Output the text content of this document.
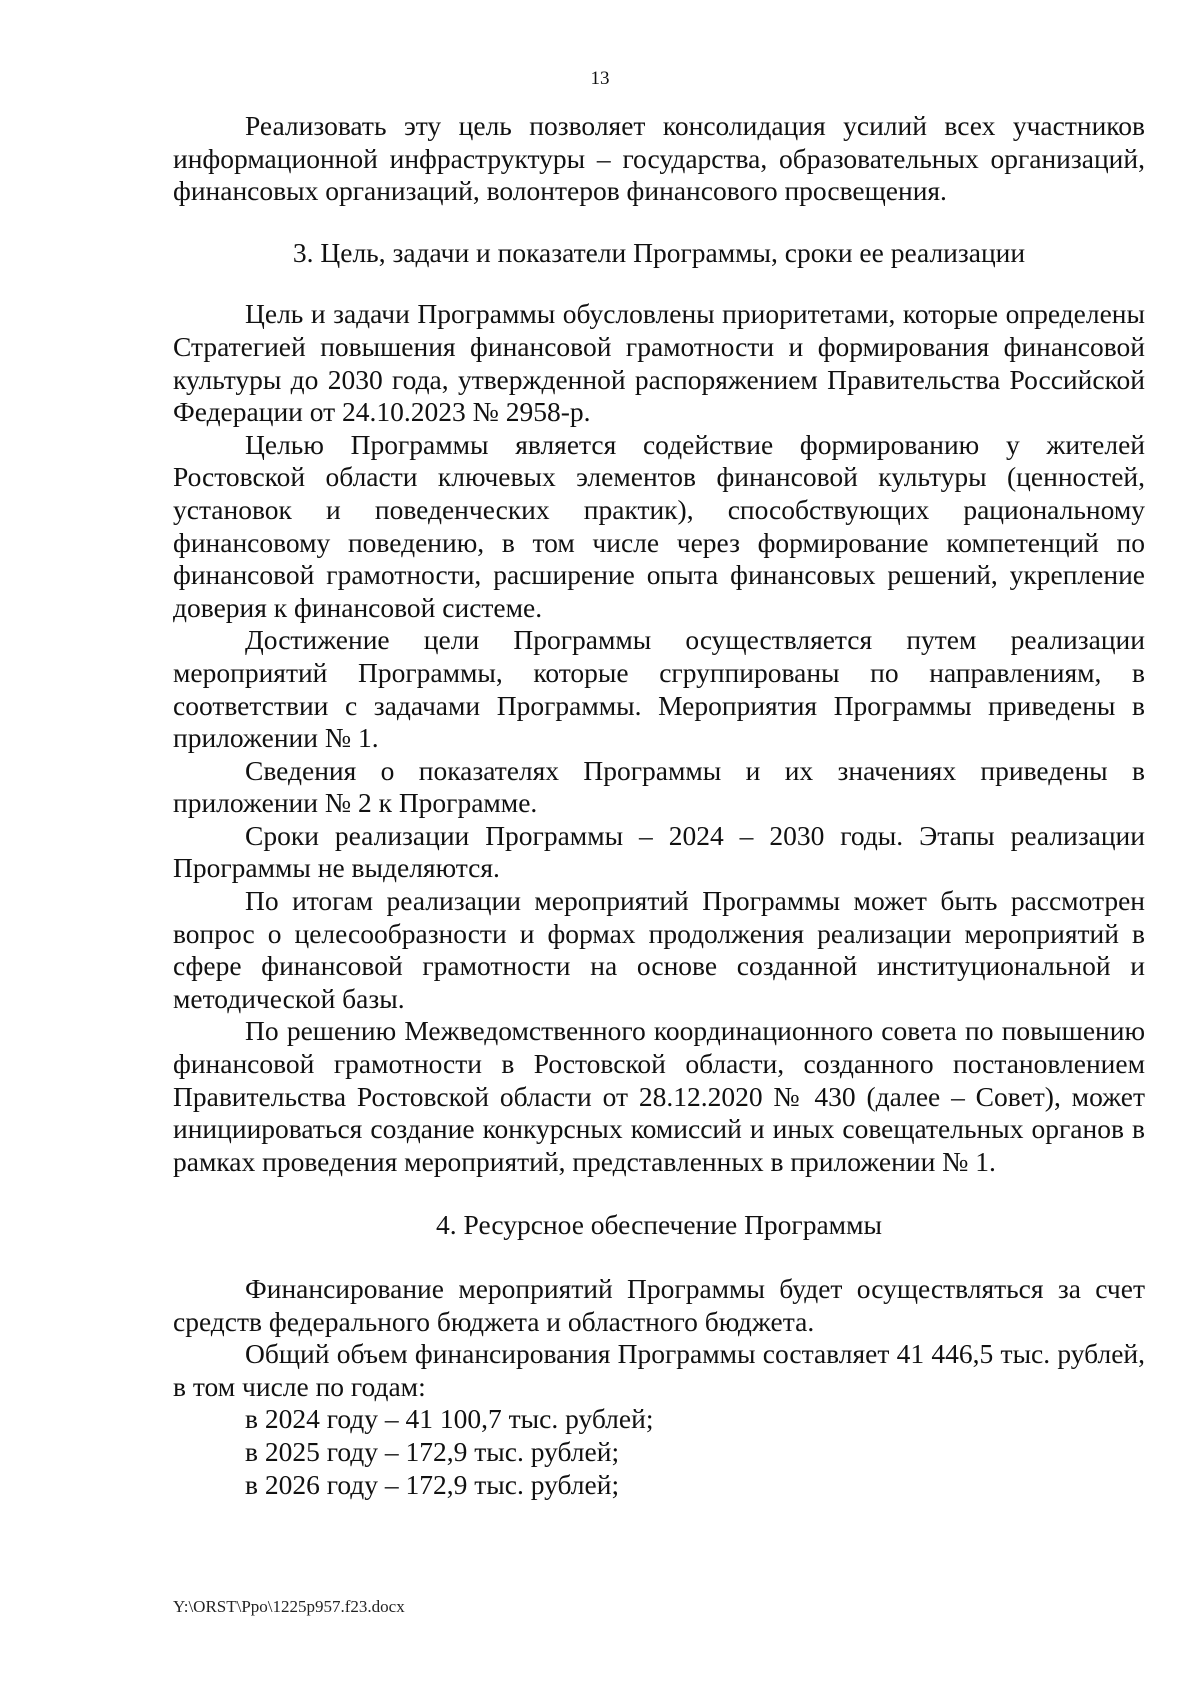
13

Реализовать эту цель позволяет консолидация усилий всех участников информационной инфраструктуры – государства, образовательных организаций, финансовых организаций, волонтеров финансового просвещения.

3. Цель, задачи и показатели Программы, сроки ее реализации

Цель и задачи Программы обусловлены приоритетами, которые определены Стратегией повышения финансовой грамотности и формирования финансовой культуры до 2030 года, утвержденной распоряжением Правительства Российской Федерации от 24.10.2023 № 2958-р.

Целью Программы является содействие формированию у жителей Ростовской области ключевых элементов финансовой культуры (ценностей, установок и поведенческих практик), способствующих рациональному финансовому поведению, в том числе через формирование компетенций по финансовой грамотности, расширение опыта финансовых решений, укрепление доверия к финансовой системе.

Достижение цели Программы осуществляется путем реализации мероприятий Программы, которые сгруппированы по направлениям, в соответствии с задачами Программы. Мероприятия Программы приведены в приложении № 1.

Сведения о показателях Программы и их значениях приведены в приложении № 2 к Программе.

Сроки реализации Программы – 2024 – 2030 годы. Этапы реализации Программы не выделяются.

По итогам реализации мероприятий Программы может быть рассмотрен вопрос о целесообразности и формах продолжения реализации мероприятий в сфере финансовой грамотности на основе созданной институциональной и методической базы.

По решению Межведомственного координационного совета по повышению финансовой грамотности в Ростовской области, созданного постановлением Правительства Ростовской области от 28.12.2020 № 430 (далее – Совет), может инициироваться создание конкурсных комиссий и иных совещательных органов в рамках проведения мероприятий, представленных в приложении № 1.

4. Ресурсное обеспечение Программы

Финансирование мероприятий Программы будет осуществляться за счет средств федерального бюджета и областного бюджета.

Общий объем финансирования Программы составляет 41 446,5 тыс. рублей, в том числе по годам:

в 2024 году – 41 100,7 тыс. рублей;

в 2025 году – 172,9 тыс. рублей;

в 2026 году – 172,9 тыс. рублей;

Y:\ORST\Ppo\1225p957.f23.docx
